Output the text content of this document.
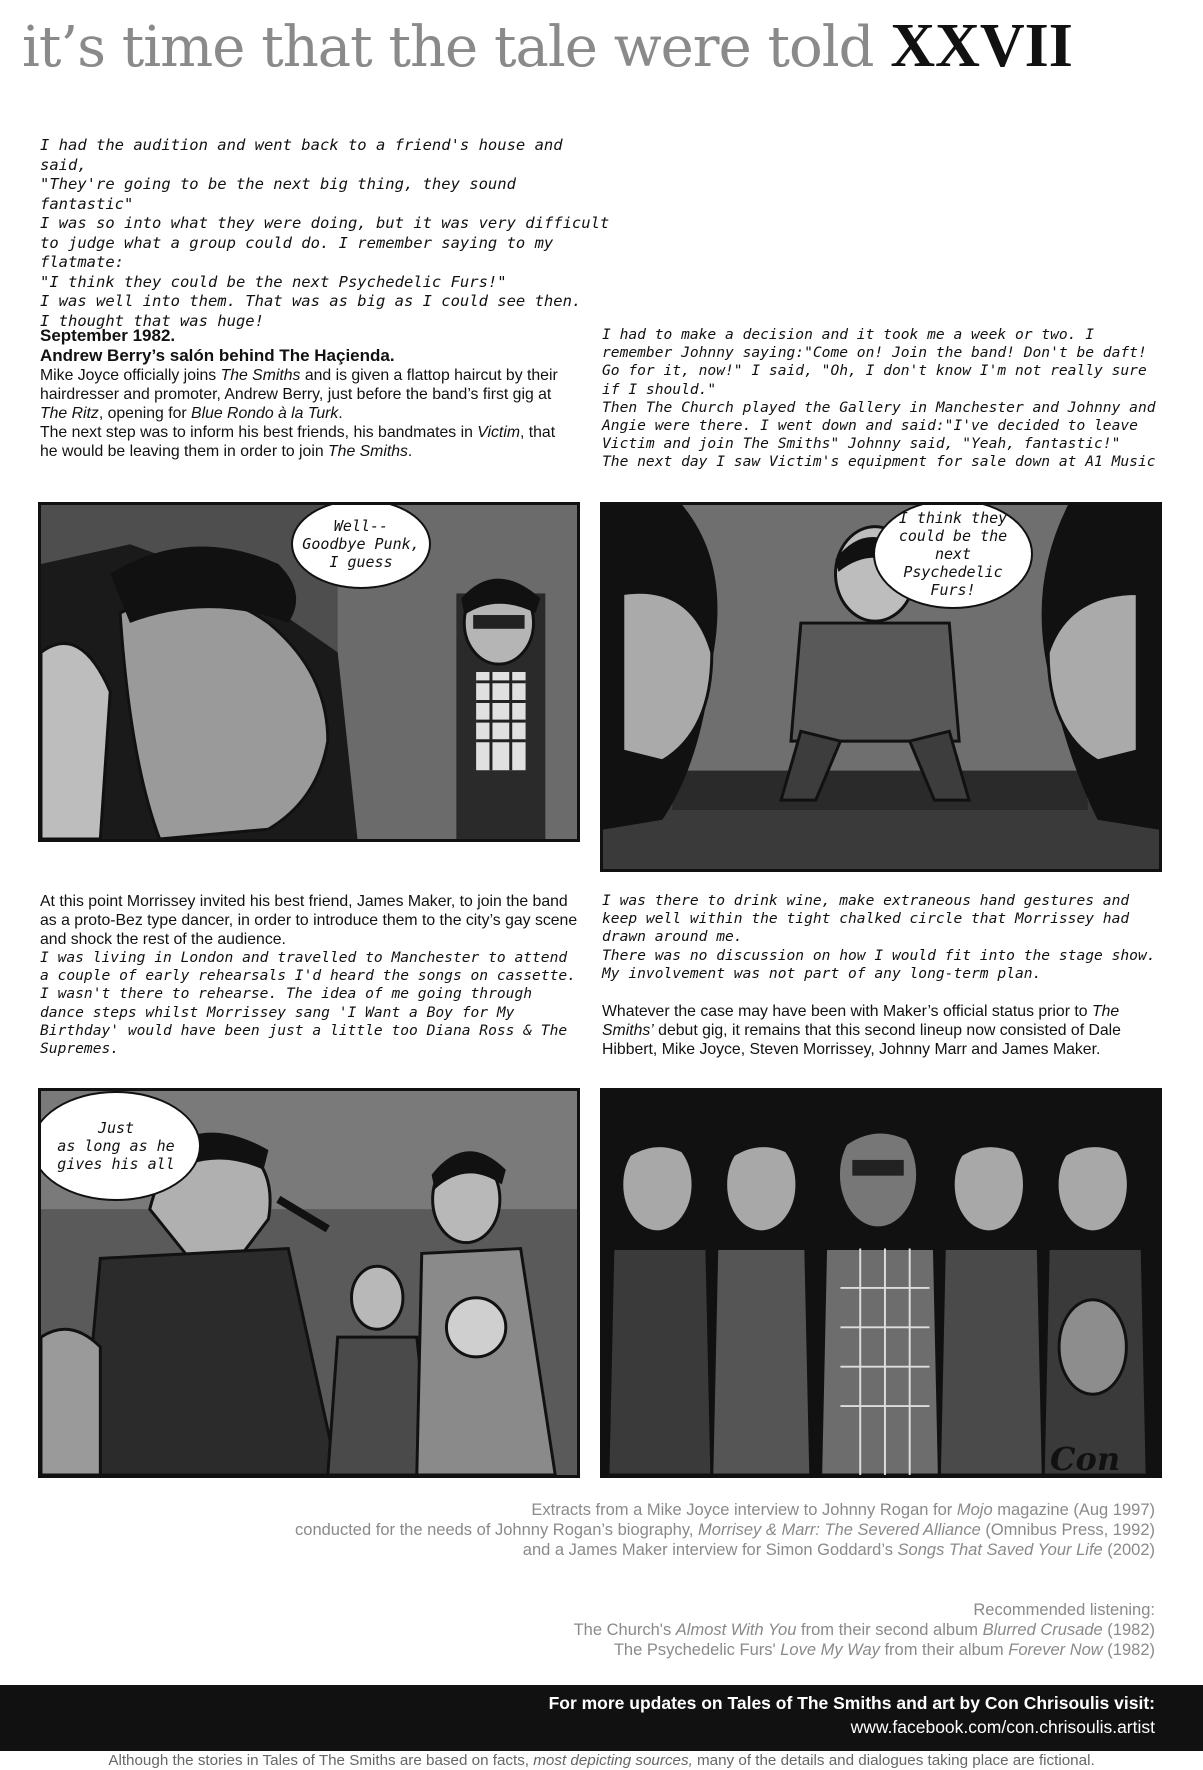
it’s time that the tale were told XXVII

I had the audition and went back to a friend's house and said,
"They're going to be the next big thing, they sound fantastic"
I was so into what they were doing, but it was very difficult
to judge what a group could do. I remember saying to my flatmate:
"I think they could be the next Psychedelic Furs!"
I was well into them. That was as big as I could see then.
I thought that was huge!

September 1982.
Andrew Berry’s salón behind The Haçienda.
Mike Joyce officially joins The Smiths and is given a flattop haircut by their hairdresser and promoter, Andrew Berry, just before the band’s first gig at The Ritz, opening for Blue Rondo à la Turk.
The next step was to inform his best friends, his bandmates in Victim, that he would be leaving them in order to join The Smiths.

I had to make a decision and it took me a week or two. I remember Johnny saying:"Come on! Join the band! Don't be daft! Go for it, now!" I said, "Oh, I don't know I'm not really sure if I should."
Then The Church played the Gallery in Manchester and Johnny and Angie were there. I went down and said:"I've decided to leave Victim and join The Smiths" Johnny said, "Yeah, fantastic!"
The next day I saw Victim's equipment for sale down at A1 Music

Well--
Goodbye Punk,
I guess
I think they
could be the next
Psychedelic
Furs!

At this point Morrissey invited his best friend, James Maker, to join the band as a proto-Bez type dancer, in order to introduce them to the city’s gay scene and shock the rest of the audience.

I was living in London and travelled to Manchester to attend a couple of early rehearsals I'd heard the songs on cassette. I wasn't there to rehearse. The idea of me going through dance steps whilst Morrissey sang 'I Want a Boy for My Birthday' would have been just a little too Diana Ross & The Supremes.

I was there to drink wine, make extraneous hand gestures and keep well within the tight chalked circle that Morrissey had drawn around me.
There was no discussion on how I would fit into the stage show. My involvement was not part of any long-term plan.

Whatever the case may have been with Maker’s official status prior to The Smiths’ debut gig, it remains that this second lineup now consisted of Dale Hibbert, Mike Joyce, Steven Morrissey, Johnny Marr and James Maker.

Just
as long as he
gives his all
Con

Extracts from a Mike Joyce interview to Johnny Rogan for Mojo magazine (Aug 1997)

conducted for the needs of Johnny Rogan’s biography, Morrisey & Marr: The Severed Alliance (Omnibus Press, 1992)

and a James Maker interview for Simon Goddard’s Songs That Saved Your Life (2002)

Recommended listening:

The Church's Almost With You from their second album Blurred Crusade (1982)

The Psychedelic Furs' Love My Way from their album Forever Now (1982)

For more updates on Tales of The Smiths and art by Con Chrisoulis visit:
www.facebook.com/con.chrisoulis.artist
Although the stories in Tales of The Smiths are based on facts, most depicting sources, many of the details and dialogues taking place are fictional.
